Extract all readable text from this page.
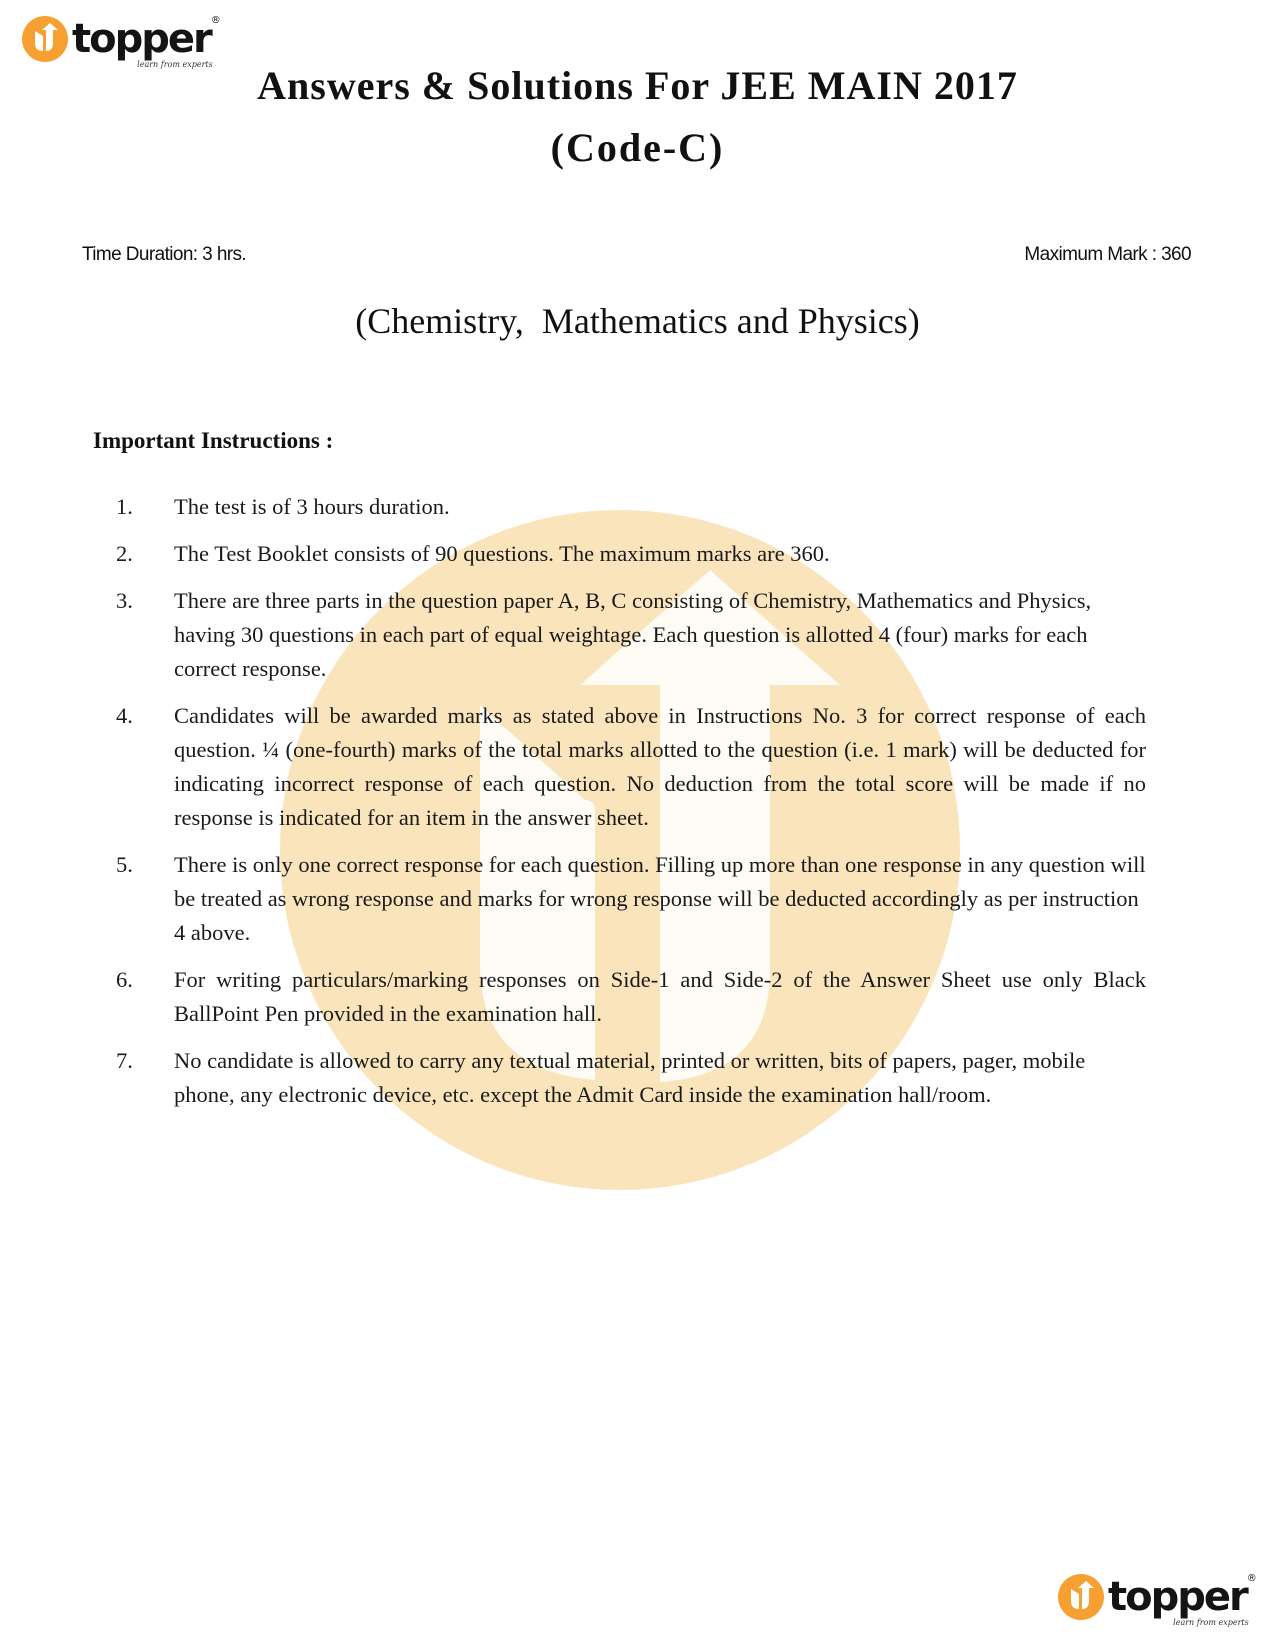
topper ®
learn from experts	Answers & Solutions For JEE MAIN 2017
(Code-C)
Time Duration: 3 hrs.	Maximum Mark : 360
(Chemistry,  Mathematics and Physics)
Important Instructions :
1. The test is of 3 hours duration.
2. The Test Booklet consists of 90 questions. The maximum marks are 360.
3. There are three parts in the question paper A, B, C consisting of Chemistry, Mathematics and Physics, having 30 questions in each part of equal weightage. Each question is allotted 4 (four) marks for each correct response.
4. Candidates will be awarded marks as stated above in Instructions No. 3 for correct response of each question. ¼ (one-fourth) marks of the total marks allotted to the question (i.e. 1 mark) will be deducted for indicating incorrect response of each question. No deduction from the total score will be made if no response is indicated for an item in the answer sheet.
5. There is only one correct response for each question. Filling up more than one response in any question will be treated as wrong response and marks for wrong response will be deducted accordingly as per instruction 4 above.
6. For writing particulars/marking responses on Side-1 and Side-2 of the Answer Sheet use only Black BallPoint Pen provided in the examination hall.
7. No candidate is allowed to carry any textual material, printed or written, bits of papers, pager, mobile phone, any electronic device, etc. except the Admit Card inside the examination hall/room.
topper ®
learn from experts
